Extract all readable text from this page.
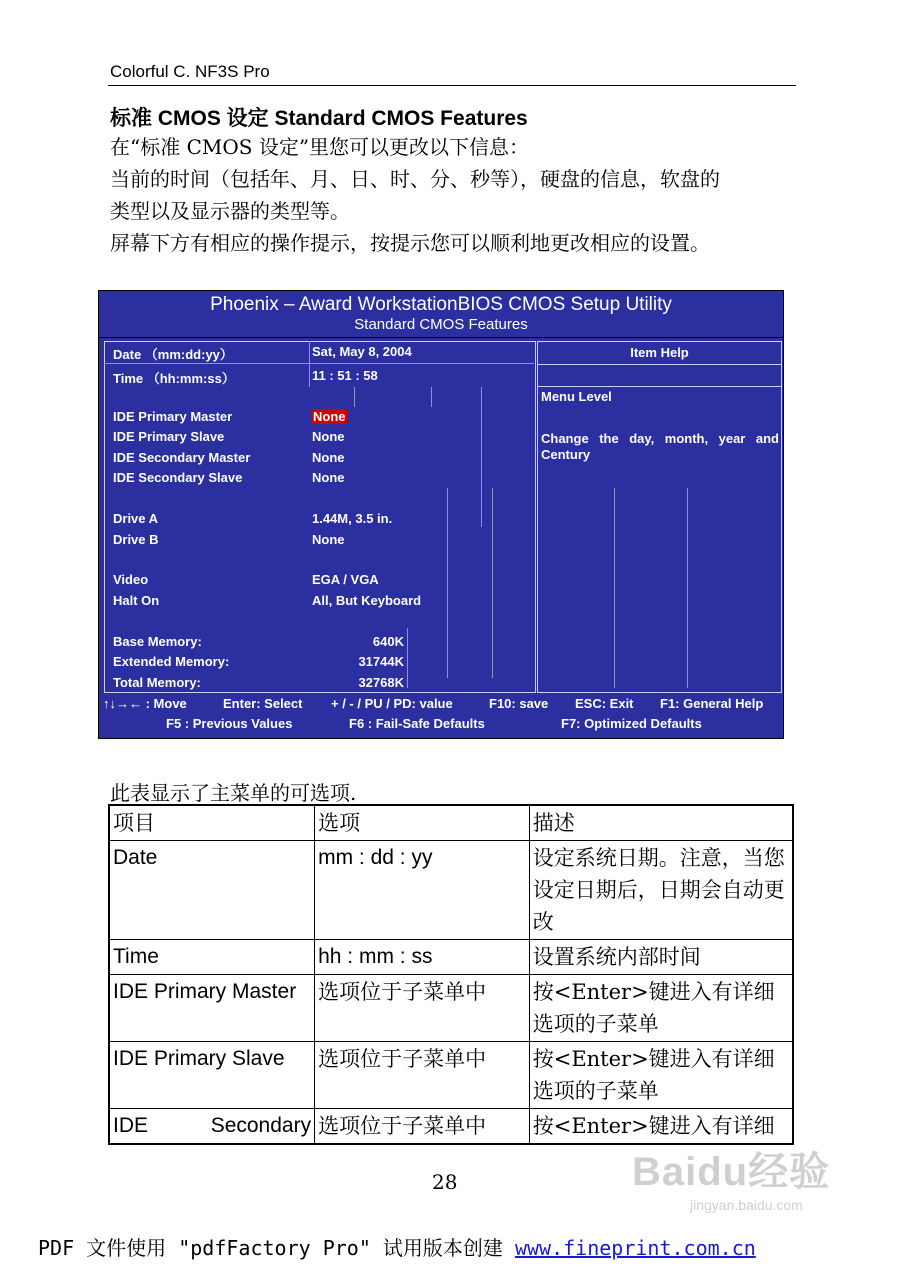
Colorful C. NF3S Pro
标准 CMOS 设定 Standard CMOS Features
在“标准 CMOS 设定”里您可以更改以下信息：
当前的时间（包括年、月、日、时、分、秒等），硬盘的信息，软盘的
类型以及显示器的类型等。
屏幕下方有相应的操作提示，按提示您可以顺利地更改相应的设置。
Phoenix – Award WorkstationBIOS CMOS Setup Utility
Standard CMOS Features
Item Help
Date （mm:dd:yy）	Sat, May 8, 2004
Time （hh:mm:ss）	11 : 51 : 58
IDE Primary Master	None
IDE Primary Slave	None
IDE Secondary Master	None
IDE Secondary Slave	None
Drive A	1.44M, 3.5 in.
Drive B	None
Video	EGA / VGA
Halt On	All, But Keyboard
Base Memory:	640K
Extended Memory:	31744K
Total Memory:	32768K
Menu Level
Change the day, month, year and Century
↑↓→← : Move	Enter: Select + / - / PU / PD: value	F10: save ESC: Exit F1: General Help
F5 : Previous Values	F6 : Fail-Safe Defaults	F7: Optimized Defaults
此表显示了主菜单的可选项.
项目	选项	描述
Date	mm : dd : yy	设定系统日期。注意，当您设定日期后，日期会自动更改
Time	hh : mm : ss	设置系统内部时间
IDE Primary Master	选项位于子菜单中	按<Enter>键进入有详细选项的子菜单
IDE Primary Slave	选项位于子菜单中	按<Enter>键进入有详细选项的子菜单

IDE Secondary	选项位于子菜单中	按<Enter>键进入有详细
28	Baidu经验
jingyan.baidu.com
PDF 文件使用 "pdfFactory Pro" 试用版本创建 www.fineprint.com.cn
